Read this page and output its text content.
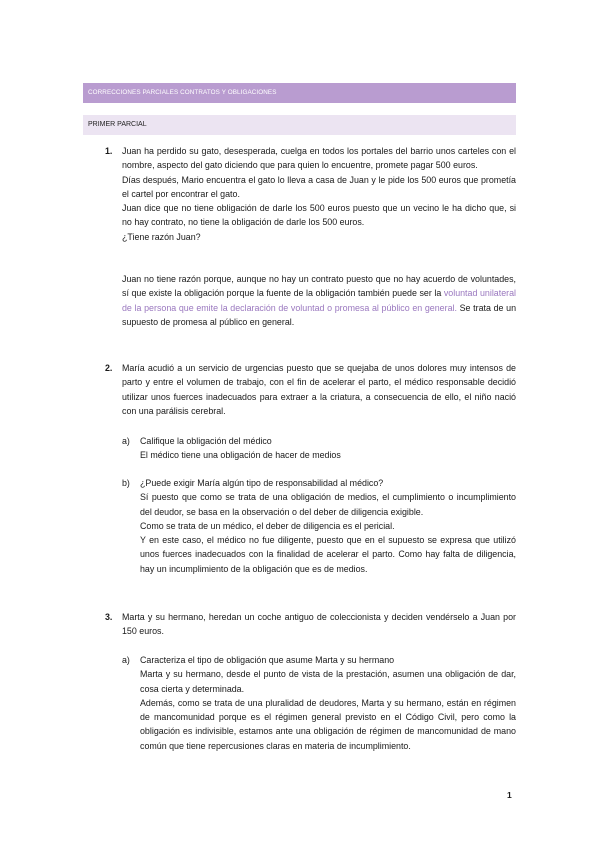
CORRECCIONES PARCIALES CONTRATOS Y OBLIGACIONES
PRIMER PARCIAL
1. Juan ha perdido su gato, desesperada, cuelga en todos los portales del barrio unos carteles con el nombre, aspecto del gato diciendo que para quien lo encuentre, promete pagar 500 euros.

Días después, Mario encuentra el gato lo lleva a casa de Juan y le pide los 500 euros que prometía el cartel por encontrar el gato.

Juan dice que no tiene obligación de darle los 500 euros puesto que un vecino le ha dicho que, si no hay contrato, no tiene la obligación de darle los 500 euros.

¿Tiene razón Juan?

Juan no tiene razón porque, aunque no hay un contrato puesto que no hay acuerdo de voluntades, sí que existe la obligación porque la fuente de la obligación también puede ser la voluntad unilateral de la persona que emite la declaración de voluntad o promesa al público en general. Se trata de un supuesto de promesa al público en general.
2. María acudió a un servicio de urgencias puesto que se quejaba de unos dolores muy intensos de parto y entre el volumen de trabajo, con el fin de acelerar el parto, el médico responsable decidió utilizar unos fuerces inadecuados para extraer a la criatura, a consecuencia de ello, el niño nació con una parálisis cerebral.
a) Califique la obligación del médico

El médico tiene una obligación de hacer de medios

b) ¿Puede exigir María algún tipo de responsabilidad al médico?

Sí puesto que como se trata de una obligación de medios, el cumplimiento o incumplimiento del deudor, se basa en la observación o del deber de diligencia exigible.

Como se trata de un médico, el deber de diligencia es el pericial.

Y en este caso, el médico no fue diligente, puesto que en el supuesto se expresa que utilizó unos fuerces inadecuados con la finalidad de acelerar el parto. Como hay falta de diligencia, hay un incumplimiento de la obligación que es de medios.

3. Marta y su hermano, heredan un coche antiguo de coleccionista y deciden vendérselo a Juan por 150 euros.
a) Caracteriza el tipo de obligación que asume Marta y su hermano

Marta y su hermano, desde el punto de vista de la prestación, asumen una obligación de dar, cosa cierta y determinada.

Además, como se trata de una pluralidad de deudores, Marta y su hermano, están en régimen de mancomunidad porque es el régimen general previsto en el Código Civil, pero como la obligación es indivisible, estamos ante una obligación de régimen de mancomunidad de mano común que tiene repercusiones claras en materia de incumplimiento.

1
